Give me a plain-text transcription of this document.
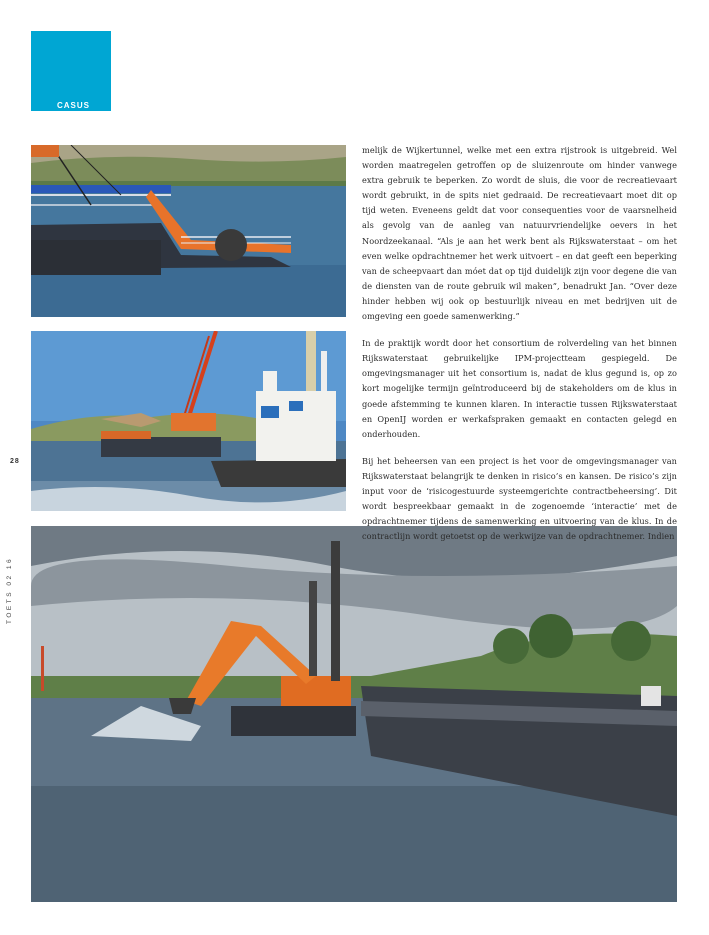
CASUS
28
TOETS 02 16

melijk de Wijkertunnel, welke met een extra rijstrook is uitgebreid. Wel worden maatregelen getroffen op de sluizenroute om hinder vanwege extra gebruik te beperken. Zo wordt de sluis, die voor de recreatievaart wordt gebruikt, in de spits niet gedraaid. De recreatievaart moet dit op tijd weten. Eveneens geldt dat voor consequenties voor de vaarsnelheid als gevolg van de aanleg van natuurvriendelijke oevers in het Noordzeekanaal. “Als je aan het werk bent als Rijkswaterstaat – om het even welke opdrachtnemer het werk uitvoert – en dat geeft een beperking van de scheepvaart dan móet dat op tijd duidelijk zijn voor degene die van de diensten van de route gebruik wil maken”, benadrukt Jan. “Over deze hinder hebben wij ook op bestuurlijk niveau en met bedrijven uit de omgeving een goede samenwerking.”

In de praktijk wordt door het consortium de rolverdeling van het binnen Rijkswaterstaat gebruikelijke IPM-projectteam gespiegeld. De omgevingsmanager uit het consortium is, nadat de klus gegund is, op zo kort mogelijke termijn geïntroduceerd bij de stakeholders om de klus in goede afstemming te kunnen klaren. In interactie tussen Rijkswaterstaat en OpenIJ worden er werkafspraken gemaakt en contacten gelegd en onderhouden.

Bij het beheersen van een project is het voor de omgevingsmanager van Rijkswaterstaat belangrijk te denken in risico’s en kansen. De risico’s zijn input voor de ‘risicogestuurde systeemgerichte contractbeheersing’. Dit wordt bespreekbaar gemaakt in de zogenoemde ‘interactie’ met de opdrachtnemer tijdens de samenwerking en uitvoering van de klus. In de contractlijn wordt getoetst op de werkwijze van de opdrachtnemer. Indien
